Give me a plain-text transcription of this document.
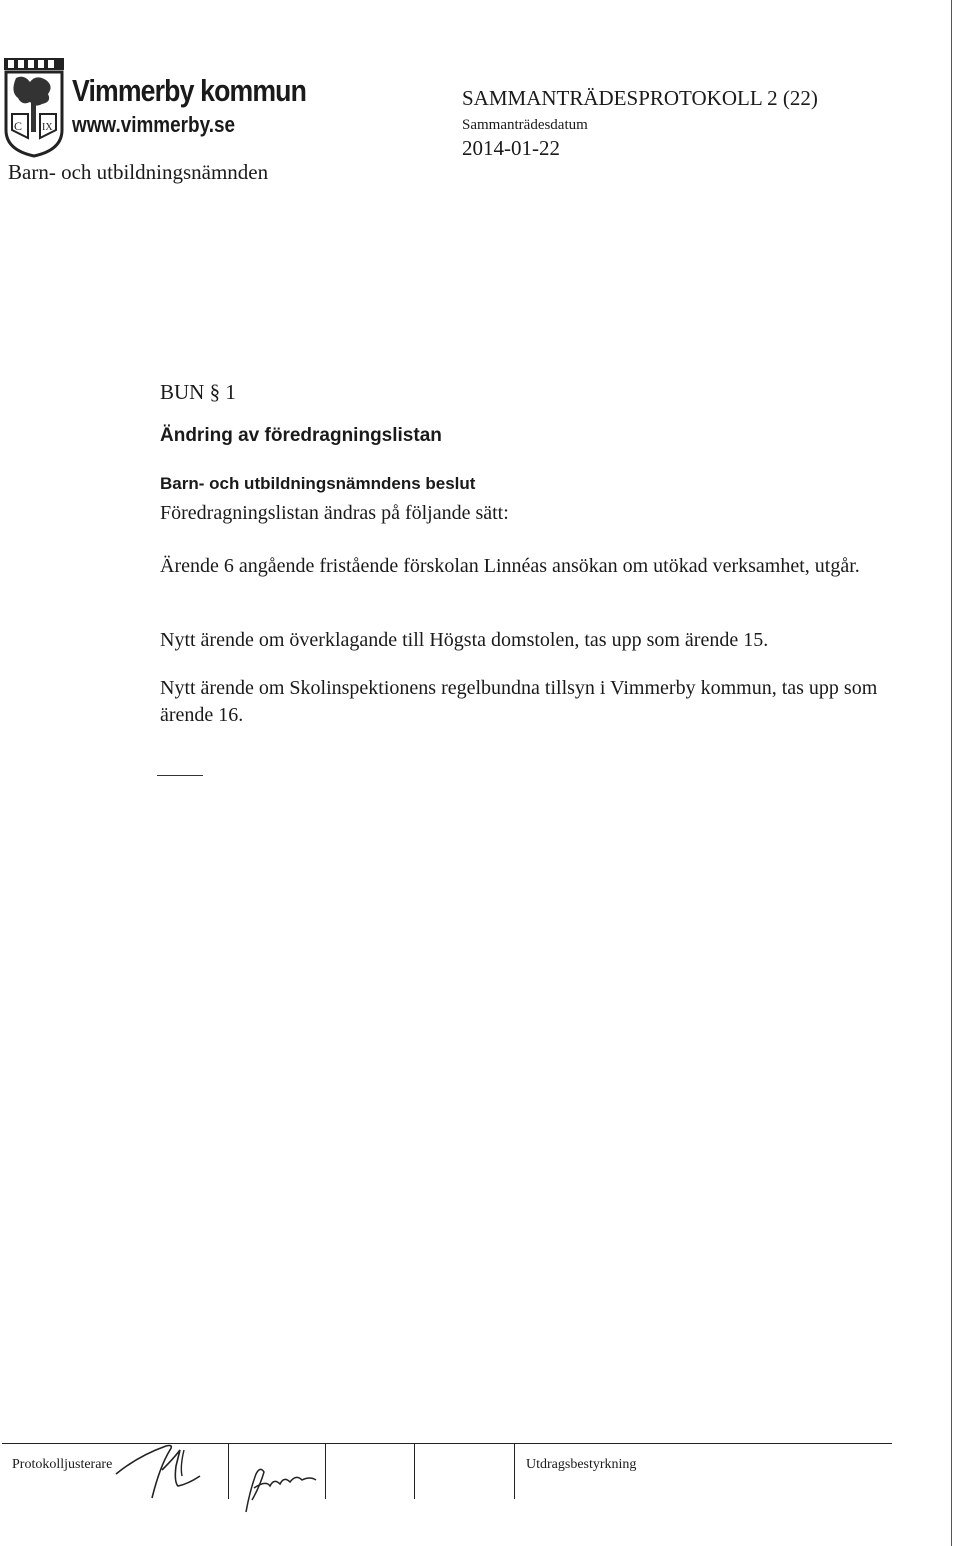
C IX
Vimmerby kommun
www.vimmerby.se
Barn- och utbildningsnämnden
SAMMANTRÄDESPROTOKOLL 2 (22)
Sammanträdesdatum
2014-01-22
BUN § 1
Ändring av föredragningslistan
Barn- och utbildningsnämndens beslut
Föredragningslistan ändras på följande sätt:
Ärende 6 angående fristående förskolan Linnéas ansökan om utökad verksamhet, utgår.
Nytt ärende om överklagande till Högsta domstolen, tas upp som ärende 15.
Nytt ärende om Skolinspektionens regelbundna tillsyn i Vimmerby kommun, tas upp som ärende 16.
Protokolljusterare	Utdragsbestyrkning
